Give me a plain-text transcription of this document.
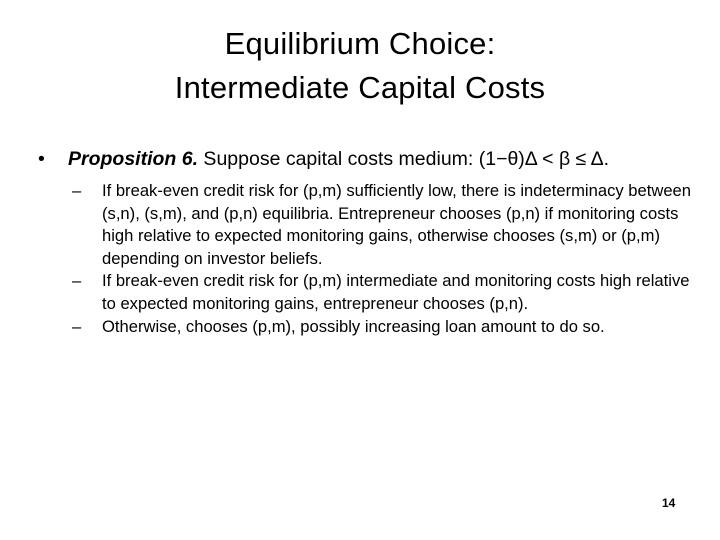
Equilibrium Choice:
Intermediate Capital Costs
•	Proposition 6. Suppose capital costs medium: (1−θ)Δ < β ≤ Δ.
–	If break-even credit risk for (p,m) sufficiently low, there is indeterminacy between (s,n), (s,m), and (p,n) equilibria. Entrepreneur chooses (p,n) if monitoring costs high relative to expected monitoring gains, otherwise chooses (s,m) or (p,m) depending on investor beliefs.
–	If break-even credit risk for (p,m) intermediate and monitoring costs high relative to expected monitoring gains, entrepreneur chooses (p,n).
–	Otherwise, chooses (p,m), possibly increasing loan amount to do so.
14
